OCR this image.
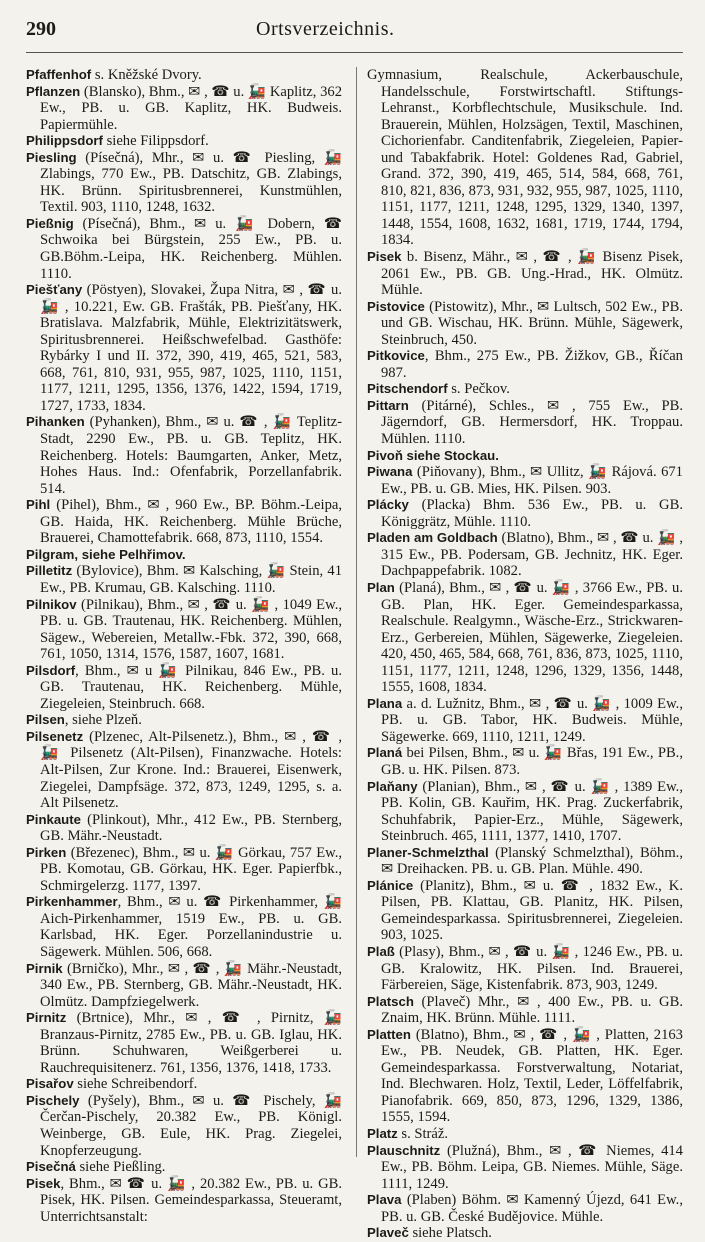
290	Ortsverzeichnis.

Pfaffenhof s. Kněžské Dvory.

Pflanzen (Blansko), Bhm., ✉ , ☎ u. 🚂 Kaplitz, 362 Ew., PB. u. GB. Kaplitz, HK. Budweis. Papiermühle.

Philippsdorf siehe Filippsdorf.

Piesling (Písečná), Mhr., ✉ u. ☎ Piesling, 🚂 Zlabings, 770 Ew., PB. Datschitz, GB. Zlabings, HK. Brünn. Spiritusbrennerei, Kunstmühlen, Textil. 903, 1110, 1248, 1632.

Pießnig (Písečná), Bhm., ✉ u. 🚂 Dobern, ☎ Schwoika bei Bürgstein, 255 Ew., PB. u. GB.Böhm.-Leipa, HK. Reichenberg. Mühlen. 1110.

Piešťany (Pöstyen), Slovakei, Župa Nitra, ✉ , ☎ u. 🚂 , 10.221, Ew. GB. Frašták, PB. Piešťany, HK. Bratislava. Malzfabrik, Mühle, Elektrizitätswerk, Spiritusbrennerei. Heißschwefelbad. Gasthöfe: Rybárky I und II. 372, 390, 419, 465, 521, 583, 668, 761, 810, 931, 955, 987, 1025, 1110, 1151, 1177, 1211, 1295, 1356, 1376, 1422, 1594, 1719, 1727, 1733, 1834.

Pihanken (Pyhanken), Bhm., ✉ u. ☎ , 🚂 Teplitz-Stadt, 2290 Ew., PB. u. GB. Teplitz, HK. Reichenberg. Hotels: Baumgarten, Anker, Metz, Hohes Haus. Ind.: Ofenfabrik, Porzellanfabrik. 514.

Pihl (Pihel), Bhm., ✉ , 960 Ew., BP. Böhm.-Leipa, GB. Haida, HK. Reichenberg. Mühle Brüche, Brauerei, Chamottefabrik. 668, 873, 1110, 1554.

Pilgram, siehe Pelhřimov.

Pilletitz (Bylovice), Bhm. ✉ Kalsching, 🚂 Stein, 41 Ew., PB. Krumau, GB. Kalsching. 1110.

Pilnikov (Pilnikau), Bhm., ✉ , ☎ u. 🚂 , 1049 Ew., PB. u. GB. Trautenau, HK. Reichenberg. Mühlen, Sägew., Webereien, Metallw.-Fbk. 372, 390, 668, 761, 1050, 1314, 1576, 1587, 1607, 1681.

Pilsdorf, Bhm., ✉ u 🚂 Pilnikau, 846 Ew., PB. u. GB. Trautenau, HK. Reichenberg. Mühle, Ziegeleien, Steinbruch. 668.

Pilsen, siehe Plzeň.

Pilsenetz (Plzenec, Alt-Pilsenetz.), Bhm., ✉ , ☎ , 🚂 Pilsenetz (Alt-Pilsen), Finanzwache. Hotels: Alt-Pilsen, Zur Krone. Ind.: Brauerei, Eisenwerk, Ziegelei, Dampfsäge. 372, 873, 1249, 1295, s. a. Alt Pilsenetz.

Pinkaute (Plinkout), Mhr., 412 Ew., PB. Sternberg, GB. Mähr.-Neustadt.

Pirken (Březenec), Bhm., ✉ u. 🚂 Görkau, 757 Ew., PB. Komotau, GB. Görkau, HK. Eger. Papierfbk., Schmirgelerzg. 1177, 1397.

Pirkenhammer, Bhm., ✉ u. ☎ Pirkenhammer, 🚂 Aich-Pirkenhammer, 1519 Ew., PB. u. GB. Karlsbad, HK. Eger. Porzellanindustrie u. Sägewerk. Mühlen. 506, 668.

Pirnik (Brničko), Mhr., ✉ , ☎ , 🚂 Mähr.-Neustadt, 340 Ew., PB. Sternberg, GB. Mähr.-Neustadt, HK. Olmütz. Dampfziegelwerk.

Pirnitz (Brtnice), Mhr., ✉ , ☎ , Pirnitz, 🚂 Branzaus-Pirnitz, 2785 Ew., PB. u. GB. Iglau, HK. Brünn. Schuhwaren, Weißgerberei u. Rauchrequisitenerz. 761, 1356, 1376, 1418, 1733.

Pisařov siehe Schreibendorf.

Pischely (Pyšely), Bhm., ✉ u. ☎ Pischely, 🚂 Čerčan-Pischely, 20.382 Ew., PB. Königl. Weinberge, GB. Eule, HK. Prag. Ziegelei, Knopferzeugung.

Pisečná siehe Pießling.

Pisek, Bhm., ✉ ☎ u. 🚂 , 20.382 Ew., PB. u. GB. Pisek, HK. Pilsen. Gemeindesparkassa, Steueramt, Unterrichtsanstalt:

Gymnasium, Realschule, Ackerbauschule, Handelsschule, Forstwirtschaftl. Stiftungs-Lehranst., Korbflechtschule, Musikschule. Ind. Brauerein, Mühlen, Holzsägen, Textil, Maschinen, Cichorienfabr. Canditenfabrik, Ziegeleien, Papier- und Tabakfabrik. Hotel: Goldenes Rad, Gabriel, Grand. 372, 390, 419, 465, 514, 584, 668, 761, 810, 821, 836, 873, 931, 932, 955, 987, 1025, 1110, 1151, 1177, 1211, 1248, 1295, 1329, 1340, 1397, 1448, 1554, 1608, 1632, 1681, 1719, 1744, 1794, 1834.

Pisek b. Bisenz, Mähr., ✉ , ☎ , 🚂 Bisenz Pisek, 2061 Ew., PB. GB. Ung.-Hrad., HK. Olmütz. Mühle.

Pistovice (Pistowitz), Mhr., ✉ Lultsch, 502 Ew., PB. und GB. Wischau, HK. Brünn. Mühle, Sägewerk, Steinbruch, 450.

Pitkovice, Bhm., 275 Ew., PB. Žižkov, GB., Říčan 987.

Pitschendorf s. Pečkov.

Pittarn (Pitárné), Schles., ✉ , 755 Ew., PB. Jägerndorf, GB. Hermersdorf, HK. Troppau. Mühlen. 1110.

Pivoň siehe Stockau.

Piwana (Piňovany), Bhm., ✉ Ullitz, 🚂 Rájová. 671 Ew., PB. u. GB. Mies, HK. Pilsen. 903.

Plácky (Placka) Bhm. 536 Ew., PB. u. GB. Königgrätz, Mühle. 1110.

Pladen am Goldbach (Blatno), Bhm., ✉ , ☎ u. 🚂 , 315 Ew., PB. Podersam, GB. Jechnitz, HK. Eger. Dachpappefabrik. 1082.

Plan (Planá), Bhm., ✉ , ☎ u. 🚂 , 3766 Ew., PB. u. GB. Plan, HK. Eger. Gemeindesparkassa, Realschule. Realgymn., Wäsche-Erz., Strickwaren-Erz., Gerbereien, Mühlen, Sägewerke, Ziegeleien. 420, 450, 465, 584, 668, 761, 836, 873, 1025, 1110, 1151, 1177, 1211, 1248, 1296, 1329, 1356, 1448, 1555, 1608, 1834.

Plana a. d. Lužnitz, Bhm., ✉ , ☎ u. 🚂 , 1009 Ew., PB. u. GB. Tabor, HK. Budweis. Mühle, Sägewerke. 669, 1110, 1211, 1249.

Planá bei Pilsen, Bhm., ✉ u. 🚂 Břas, 191 Ew., PB., GB. u. HK. Pilsen. 873.

Plaňany (Planian), Bhm., ✉ , ☎ u. 🚂 , 1389 Ew., PB. Kolin, GB. Kauřim, HK. Prag. Zuckerfabrik, Schuhfabrik, Papier-Erz., Mühle, Sägewerk, Steinbruch. 465, 1111, 1377, 1410, 1707.

Planer-Schmelzthal (Planský Schmelzthal), Böhm., ✉ Dreihacken. PB. u. GB. Plan. Mühle. 490.

Plánice (Planitz), Bhm., ✉ u. ☎ , 1832 Ew., K. Pilsen, PB. Klattau, GB. Planitz, HK. Pilsen, Gemeindesparkassa. Spiritusbrennerei, Ziegeleien. 903, 1025.

Plaß (Plasy), Bhm., ✉ , ☎ u. 🚂 , 1246 Ew., PB. u. GB. Kralowitz, HK. Pilsen. Ind. Brauerei, Färbereien, Säge, Kistenfabrik. 873, 903, 1249.

Platsch (Plaveč) Mhr., ✉ , 400 Ew., PB. u. GB. Znaim, HK. Brünn. Mühle. 1111.

Platten (Blatno), Bhm., ✉ , ☎ , 🚂 , Platten, 2163 Ew., PB. Neudek, GB. Platten, HK. Eger. Gemeindesparkassa. Forstverwaltung, Notariat, Ind. Blechwaren. Holz, Textil, Leder, Löffelfabrik, Pianofabrik. 669, 850, 873, 1296, 1329, 1386, 1555, 1594.

Platz s. Stráž.

Plauschnitz (Plužná), Bhm., ✉ , ☎ Niemes, 414 Ew., PB. Böhm. Leipa, GB. Niemes. Mühle, Säge. 1111, 1249.

Plava (Plaben) Böhm. ✉ Kamenný Újezd, 641 Ew., PB. u. GB. České Budějovice. Mühle.

Plaveč siehe Platsch.
